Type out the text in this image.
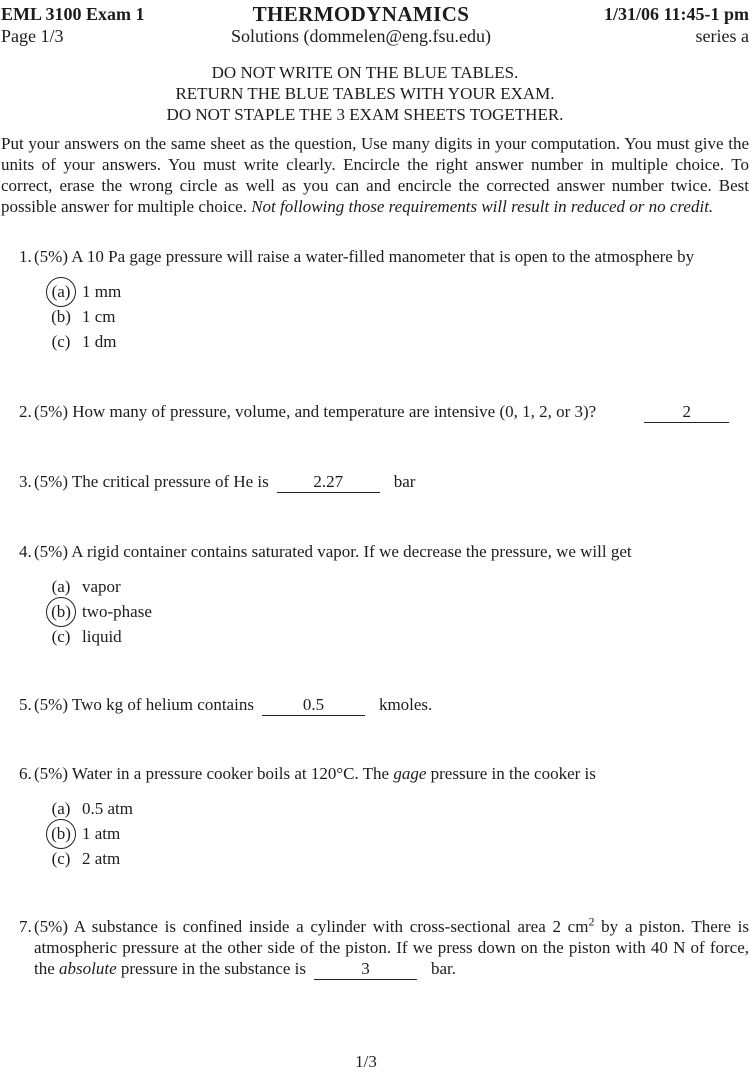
EML 3100 Exam 1
Page 1/3
THERMODYNAMICS
Solutions (dommelen@eng.fsu.edu)
1/31/06 11:45-1 pm
series a
DO NOT WRITE ON THE BLUE TABLES.
RETURN THE BLUE TABLES WITH YOUR EXAM.
DO NOT STAPLE THE 3 EXAM SHEETS TOGETHER.
Put your answers on the same sheet as the question, Use many digits in your computation. You must give the units of your answers. You must write clearly. Encircle the right answer number in multiple choice. To correct, erase the wrong circle as well as you can and encircle the corrected answer number twice. Best possible answer for multiple choice. Not following those requirements will result in reduced or no credit.
1. (5%) A 10 Pa gage pressure will raise a water-filled manometer that is open to the atmosphere by
(a) 1 mm
(b) 1 cm
(c) 1 dm
2. (5%) How many of pressure, volume, and temperature are intensive (0, 1, 2, or 3)?	2
3. (5%) The critical pressure of He is	2.27	bar
4. (5%) A rigid container contains saturated vapor. If we decrease the pressure, we will get
(a) vapor
(b) two-phase
(c) liquid
5. (5%) Two kg of helium contains	0.5	kmoles.
6. (5%) Water in a pressure cooker boils at 120°C. The gage pressure in the cooker is
(a) 0.5 atm
(b) 1 atm
(c) 2 atm
7. (5%) A substance is confined inside a cylinder with cross-sectional area 2 $cm^2$ by a piston. There is atmospheric pressure at the other side of the piston. If we press down on the piston with 40 N of force, the absolute pressure in the substance is	3	bar.
1/3
